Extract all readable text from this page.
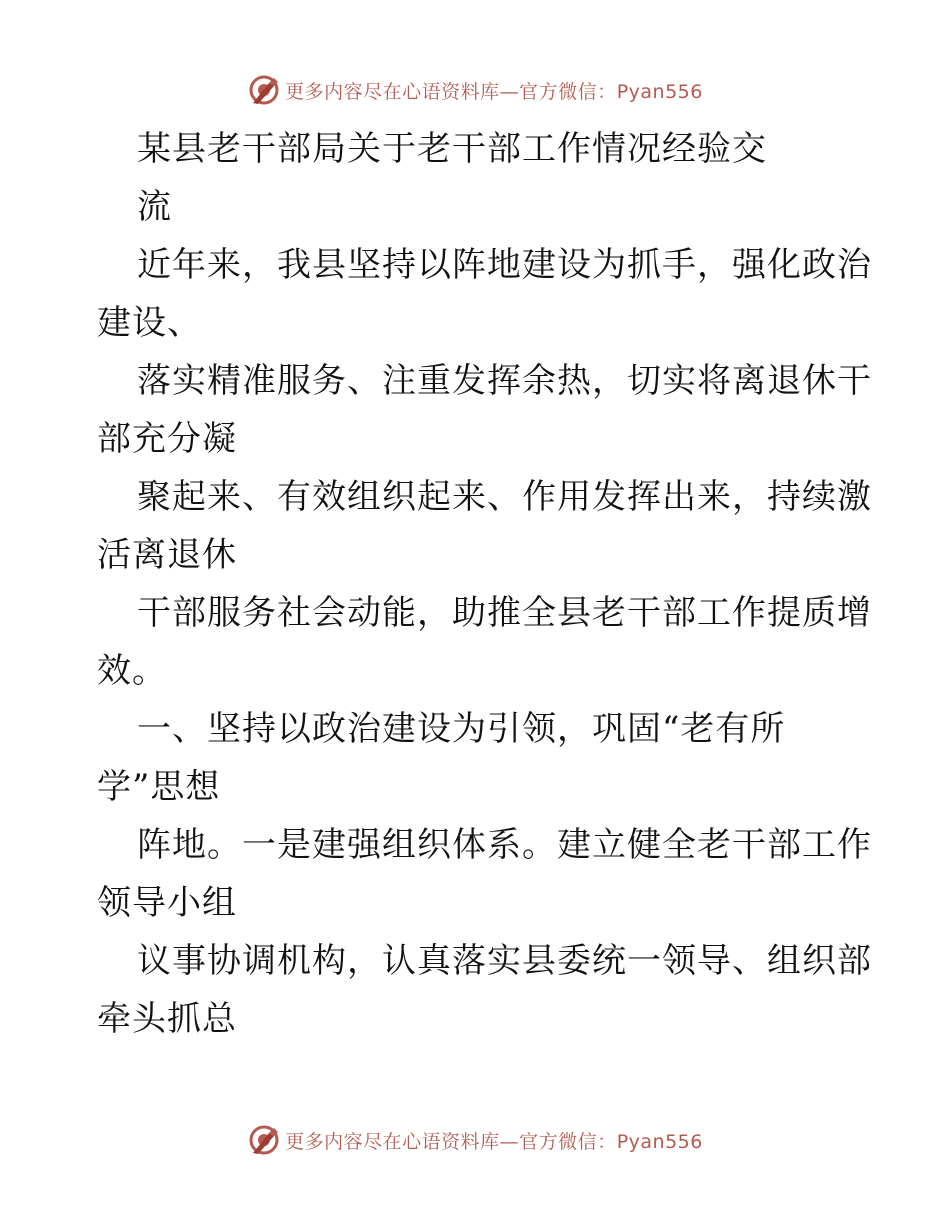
更多内容尽在心语资料库—官方微信：Pyan556
某县老干部局关于老干部工作情况经验交
流
近年来，我县坚持以阵地建设为抓手，强化政治
建设、
落实精准服务、注重发挥余热，切实将离退休干
部充分凝
聚起来、有效组织起来、作用发挥出来，持续激
活离退休
干部服务社会动能，助推全县老干部工作提质增
效。
一、坚持以政治建设为引领，巩固“老有所
学”思想
阵地。一是建强组织体系。建立健全老干部工作
领导小组
议事协调机构，认真落实县委统一领导、组织部
牵头抓总
更多内容尽在心语资料库—官方微信：Pyan556
